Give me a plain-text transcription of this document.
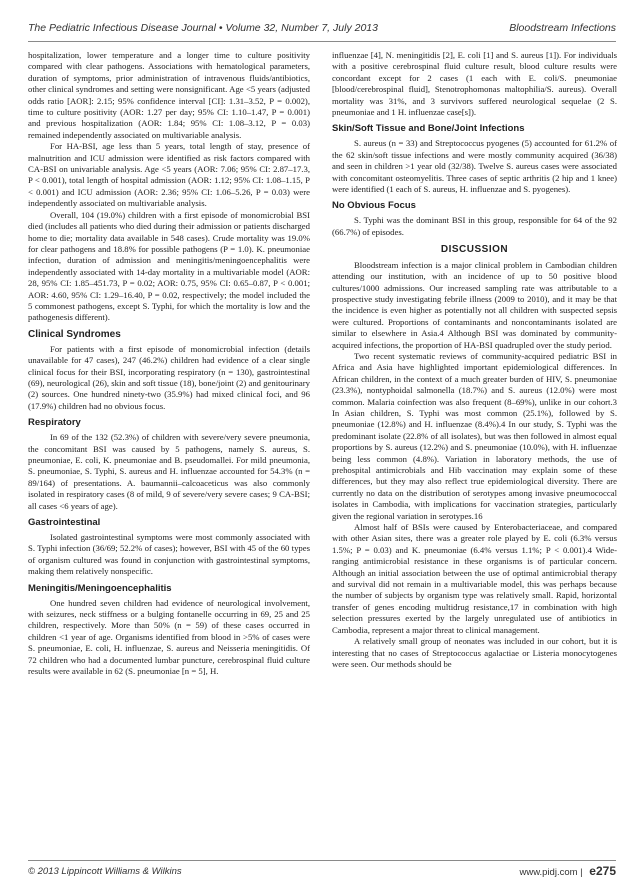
The Pediatric Infectious Disease Journal • Volume 32, Number 7, July 2013	Bloodstream Infections

hospitalization, lower temperature and a longer time to culture positivity compared with clear pathogens. Associations with hematological parameters, duration of symptoms, prior administration of intravenous fluids/antibiotics, other clinical syndromes and setting were nonsignificant. Age <5 years (adjusted odds ratio [AOR]: 2.15; 95% confidence interval [CI]: 1.31–3.52, P = 0.002), time to culture positivity (AOR: 1.27 per day; 95% CI: 1.10–1.47, P = 0.001) and previous hospitalization (AOR: 1.84; 95% CI: 1.08–3.12, P = 0.03) remained independently associated on multivariable analysis.

For HA-BSI, age less than 5 years, total length of stay, presence of malnutrition and ICU admission were identified as risk factors compared with CA-BSI on univariable analysis. Age <5 years (AOR: 7.06; 95% CI: 2.87–17.3, P < 0.001), total length of hospital admission (AOR: 1.12; 95% CI: 1.08–1.15, P < 0.001) and ICU admission (AOR: 2.36; 95% CI: 1.06–5.26, P = 0.03) were independently associated on multivariable analysis.

Overall, 104 (19.0%) children with a first episode of monomicrobial BSI died (includes all patients who died during their admission or patients discharged home to die; mortality data available in 548 cases). Crude mortality was 19.0% for clear pathogens and 18.8% for possible pathogens (P = 1.0). K. pneumoniae infection, duration of admission and meningitis/meningoencephalitis were independently associated with 14-day mortality in a multivariable model (AOR: 28, 95% CI: 1.85–451.73, P = 0.02; AOR: 0.75, 95% CI: 0.65–0.87, P < 0.001; AOR: 4.60, 95% CI: 1.29–16.40, P = 0.02, respectively; the model included the 5 commonest pathogens, except S. Typhi, for which the mortality is low and the pathogenesis different).

Clinical Syndromes

For patients with a first episode of monomicrobial infection (details unavailable for 47 cases), 247 (46.2%) children had evidence of a clear single clinical focus for their BSI, incorporating respiratory (n = 130), gastrointestinal (69), neurological (26), skin and soft tissue (18), bone/joint (2) and genitourinary (2) sources. One hundred ninety-two (35.9%) had mixed clinical foci, and 96 (17.9%) children had no obvious focus.

Respiratory

In 69 of the 132 (52.3%) of children with severe/very severe pneumonia, the concomitant BSI was caused by 5 pathogens, namely S. aureus, S. pneumoniae, E. coli, K. pneumoniae and B. pseudomallei. For mild pneumonia, S. pneumoniae, S. Typhi, S. aureus and H. influenzae accounted for 54.3% (n = 89/164) of presentations. A. baumannii–calcoaceticus was also commonly isolated in respiratory cases (8 of mild, 9 of severe/very severe cases; 9 CA-BSI; all cases <6 years of age).

Gastrointestinal

Isolated gastrointestinal symptoms were most commonly associated with S. Typhi infection (36/69; 52.2% of cases); however, BSI with 45 of the 60 types of organism cultured was found in conjunction with gastrointestinal symptoms, making them relatively nonspecific.

Meningitis/Meningoencephalitis

One hundred seven children had evidence of neurological involvement, with seizures, neck stiffness or a bulging fontanelle occurring in 69, 25 and 25 children, respectively. More than 50% (n = 59) of these cases occurred in children <1 year of age. Organisms identified from blood in >5% of cases were S. pneumoniae, E. coli, H. influenzae, S. aureus and Neisseria meningitidis. Of 72 children who had a documented lumbar puncture, cerebrospinal fluid culture results were available in 62 (S. pneumoniae [n = 5], H.

influenzae [4], N. meningitidis [2], E. coli [1] and S. aureus [1]). For individuals with a positive cerebrospinal fluid culture result, blood culture results were concordant except for 2 cases (1 each with E. coli/S. pneumoniae [blood/cerebrospinal fluid], Stenotrophomonas maltophilia/S. aureus). Overall mortality was 31%, and 3 survivors suffered neurological sequelae (2 S. pneumoniae and 1 H. influenzae case[s]).

Skin/Soft Tissue and Bone/Joint Infections

S. aureus (n = 33) and Streptococcus pyogenes (5) accounted for 61.2% of the 62 skin/soft tissue infections and were mostly community acquired (36/38) and seen in children >1 year old (32/38). Twelve S. aureus cases were associated with concomitant osteomyelitis. Three cases of septic arthritis (2 hip and 1 knee) were identified (1 each of S. aureus, H. influenzae and S. pyogenes).

No Obvious Focus

S. Typhi was the dominant BSI in this group, responsible for 64 of the 92 (66.7%) of episodes.

DISCUSSION

Bloodstream infection is a major clinical problem in Cambodian children attending our institution, with an incidence of up to 50 positive blood cultures/1000 admissions. Our increased sampling rate was attributable to a prospective study investigating febrile illness (2009 to 2010), and it may be that the incidence is even higher as potentially not all children with suspected sepsis were cultured. Proportions of contaminants and noncontaminants isolated are similar to elsewhere in Asia.4 Although BSI was dominated by community-acquired infections, the proportion of HA-BSI quadrupled over the study period.

Two recent systematic reviews of community-acquired pediatric BSI in Africa and Asia have highlighted important epidemiological differences. In African children, in the context of a much greater burden of HIV, S. pneumoniae (23.3%), nontyphoidal salmonella (18.7%) and S. aureus (12.0%) were most common. Malaria coinfection was also frequent (8–69%), unlike in our cohort.3 In Asian children, S. Typhi was most common (25.1%), followed by S. pneumoniae (12.8%) and H. influenzae (8.4%).4 In our study, S. Typhi was the predominant isolate (22.8% of all isolates), but was then followed in almost equal proportions by S. aureus (12.2%) and S. pneumoniae (10.0%), with H. influenzae being less common (4.8%). Variation in laboratory methods, the use of prehospital antimicrobials and Hib vaccination may explain some of these differences, but they may also reflect true epidemiological diversity. There are currently no data on the distribution of serotypes among invasive pneumococcal isolates in Cambodia, with implications for vaccination strategies, particularly given the regional variation in serotypes.16

Almost half of BSIs were caused by Enterobacteriaceae, and compared with other Asian sites, there was a greater role played by E. coli (6.3% versus 1.5%; P = 0.03) and K. pneumoniae (6.4% versus 1.1%; P < 0.001).4 Wide-ranging antimicrobial resistance in these organisms is of particular concern. Although an initial association between the use of optimal antimicrobial therapy and survival did not remain in a multivariable model, this was perhaps because the number of subjects by organism type was relatively small. Rapid, horizontal transfer of genes encoding multidrug resistance,17 in combination with high selection pressures exerted by the largely unregulated use of antibiotics in Cambodia, represent a major threat to clinical management.

A relatively small group of neonates was included in our cohort, but it is interesting that no cases of Streptococcus agalactiae or Listeria monocytogenes were seen. Our methods should be

© 2013 Lippincott Williams & Wilkins	www.pidj.com | e275
